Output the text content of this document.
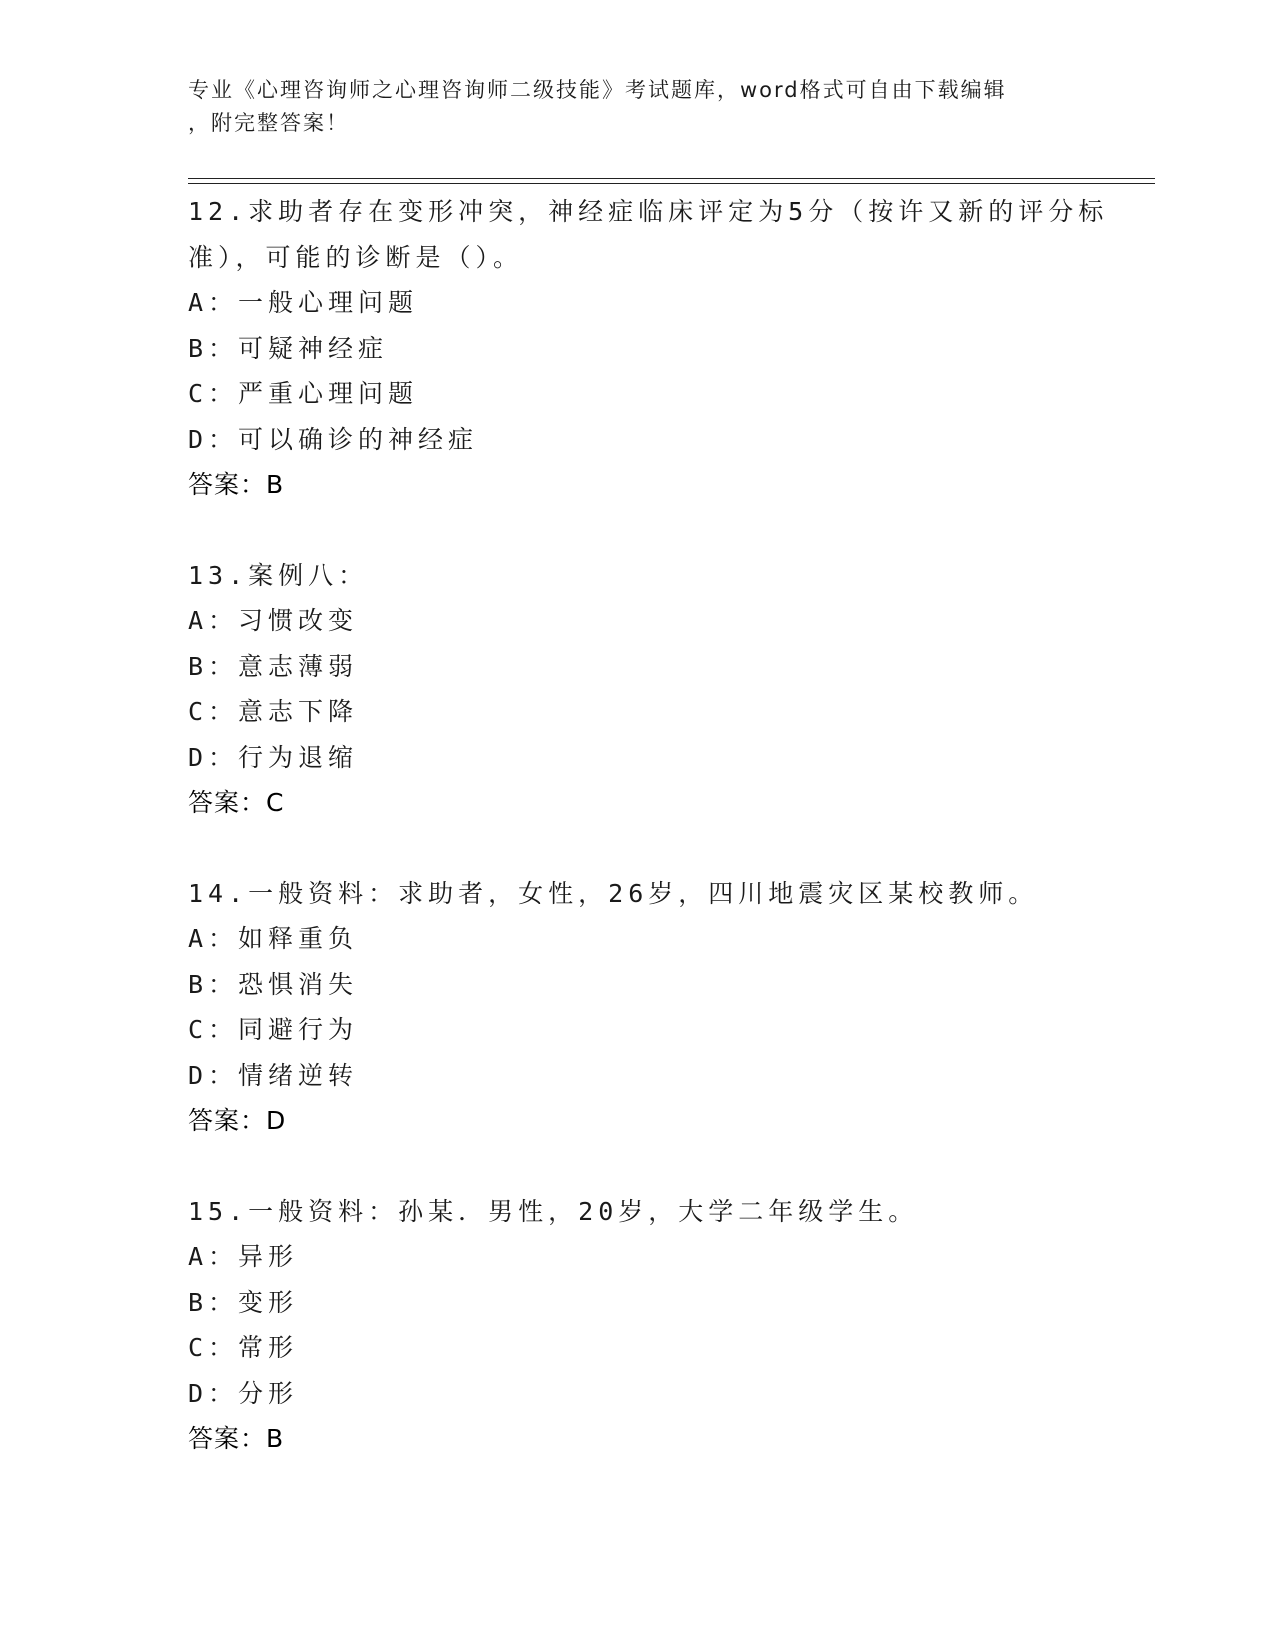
专业《心理咨询师之心理咨询师二级技能》考试题库，word格式可自由下载编辑
，附完整答案！
12.求助者存在变形冲突，神经症临床评定为5分（按许又新的评分标准），可能的诊断是（）。
A：一般心理问题
B：可疑神经症
C：严重心理问题
D：可以确诊的神经症
答案：B
13.案例八：
A：习惯改变
B：意志薄弱
C：意志下降
D：行为退缩
答案：C
14.一般资料：求助者，女性，26岁，四川地震灾区某校教师。
A：如释重负
B：恐惧消失
C：同避行为
D：情绪逆转
答案：D
15.一般资料：孙某．男性，20岁，大学二年级学生。
A：异形
B：变形
C：常形
D：分形
答案：B
